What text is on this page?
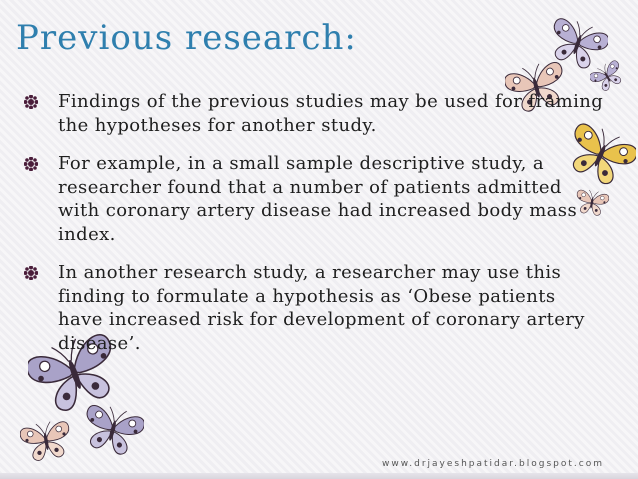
Previous research:
Findings of the previous studies may be used for framing the hypotheses for another study.
For example, in a small sample descriptive study, a researcher found that a number of patients admitted with coronary artery disease had increased body mass index.
In another research study, a researcher may use this finding to formulate a hypothesis as ‘Obese patients have increased risk for development of coronary artery disease’.
www.drjayeshpatidar.blogspot.com
